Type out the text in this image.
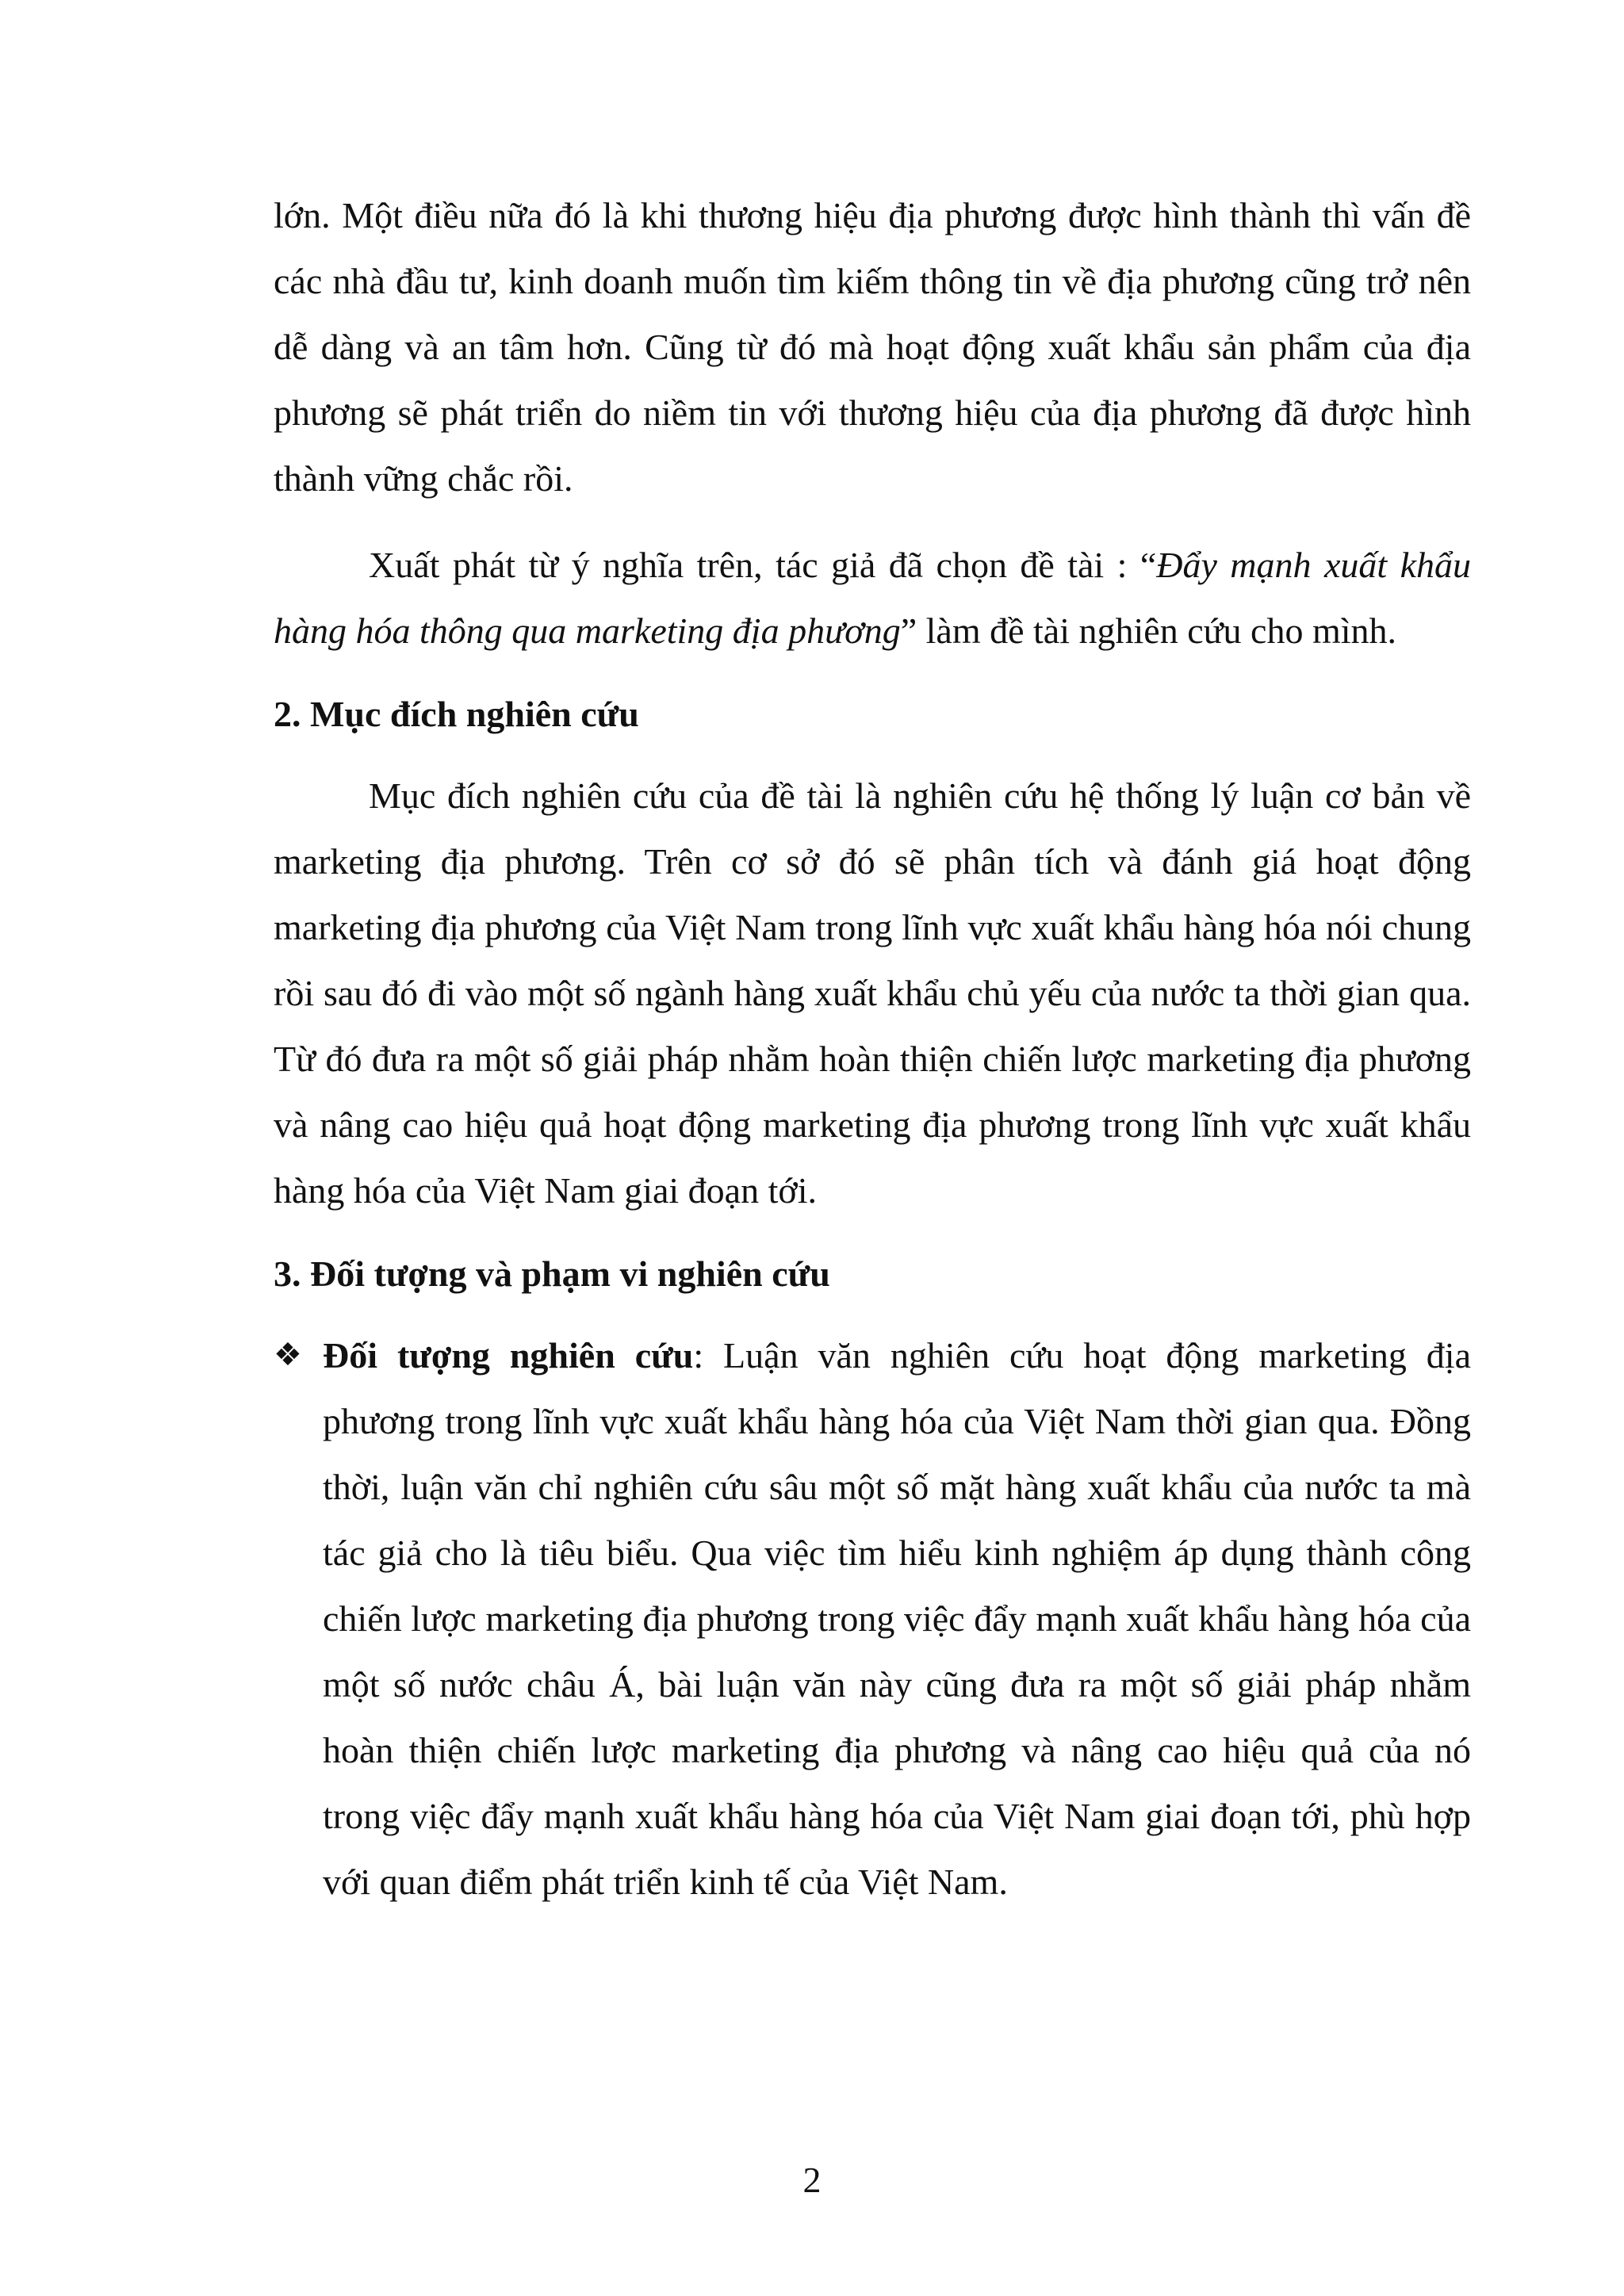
lớn. Một điều nữa đó là khi thương hiệu địa phương được hình thành thì vấn đề các nhà đầu tư, kinh doanh muốn tìm kiếm thông tin về địa phương cũng trở nên dễ dàng và an tâm hơn. Cũng từ đó mà hoạt động xuất khẩu sản phẩm của địa phương sẽ phát triển do niềm tin với thương hiệu của địa phương đã được hình thành vững chắc rồi.

Xuất phát từ ý nghĩa trên, tác giả đã chọn đề tài : “Đẩy mạnh xuất khẩu hàng hóa thông qua marketing địa phương” làm đề tài nghiên cứu cho mình.

2. Mục đích nghiên cứu

Mục đích nghiên cứu của đề tài là nghiên cứu hệ thống lý luận cơ bản về marketing địa phương. Trên cơ sở đó sẽ phân tích và đánh giá hoạt động marketing địa phương của Việt Nam trong lĩnh vực xuất khẩu hàng hóa nói chung rồi sau đó đi vào một số ngành hàng xuất khẩu chủ yếu của nước ta thời gian qua. Từ đó đưa ra một số giải pháp nhằm hoàn thiện chiến lược marketing địa phương và nâng cao hiệu quả hoạt động marketing địa phương trong lĩnh vực xuất khẩu hàng hóa của Việt Nam giai đoạn tới.

3. Đối tượng và phạm vi nghiên cứu

❖ Đối tượng nghiên cứu: Luận văn nghiên cứu hoạt động marketing địa phương trong lĩnh vực xuất khẩu hàng hóa của Việt Nam thời gian qua. Đồng thời, luận văn chỉ nghiên cứu sâu một số mặt hàng xuất khẩu của nước ta mà tác giả cho là tiêu biểu. Qua việc tìm hiểu kinh nghiệm áp dụng thành công chiến lược marketing địa phương trong việc đẩy mạnh xuất khẩu hàng hóa của một số nước châu Á, bài luận văn này cũng đưa ra một số giải pháp nhằm hoàn thiện chiến lược marketing địa phương và nâng cao hiệu quả của nó trong việc đẩy mạnh xuất khẩu hàng hóa của Việt Nam giai đoạn tới, phù hợp với quan điểm phát triển kinh tế của Việt Nam.

2
